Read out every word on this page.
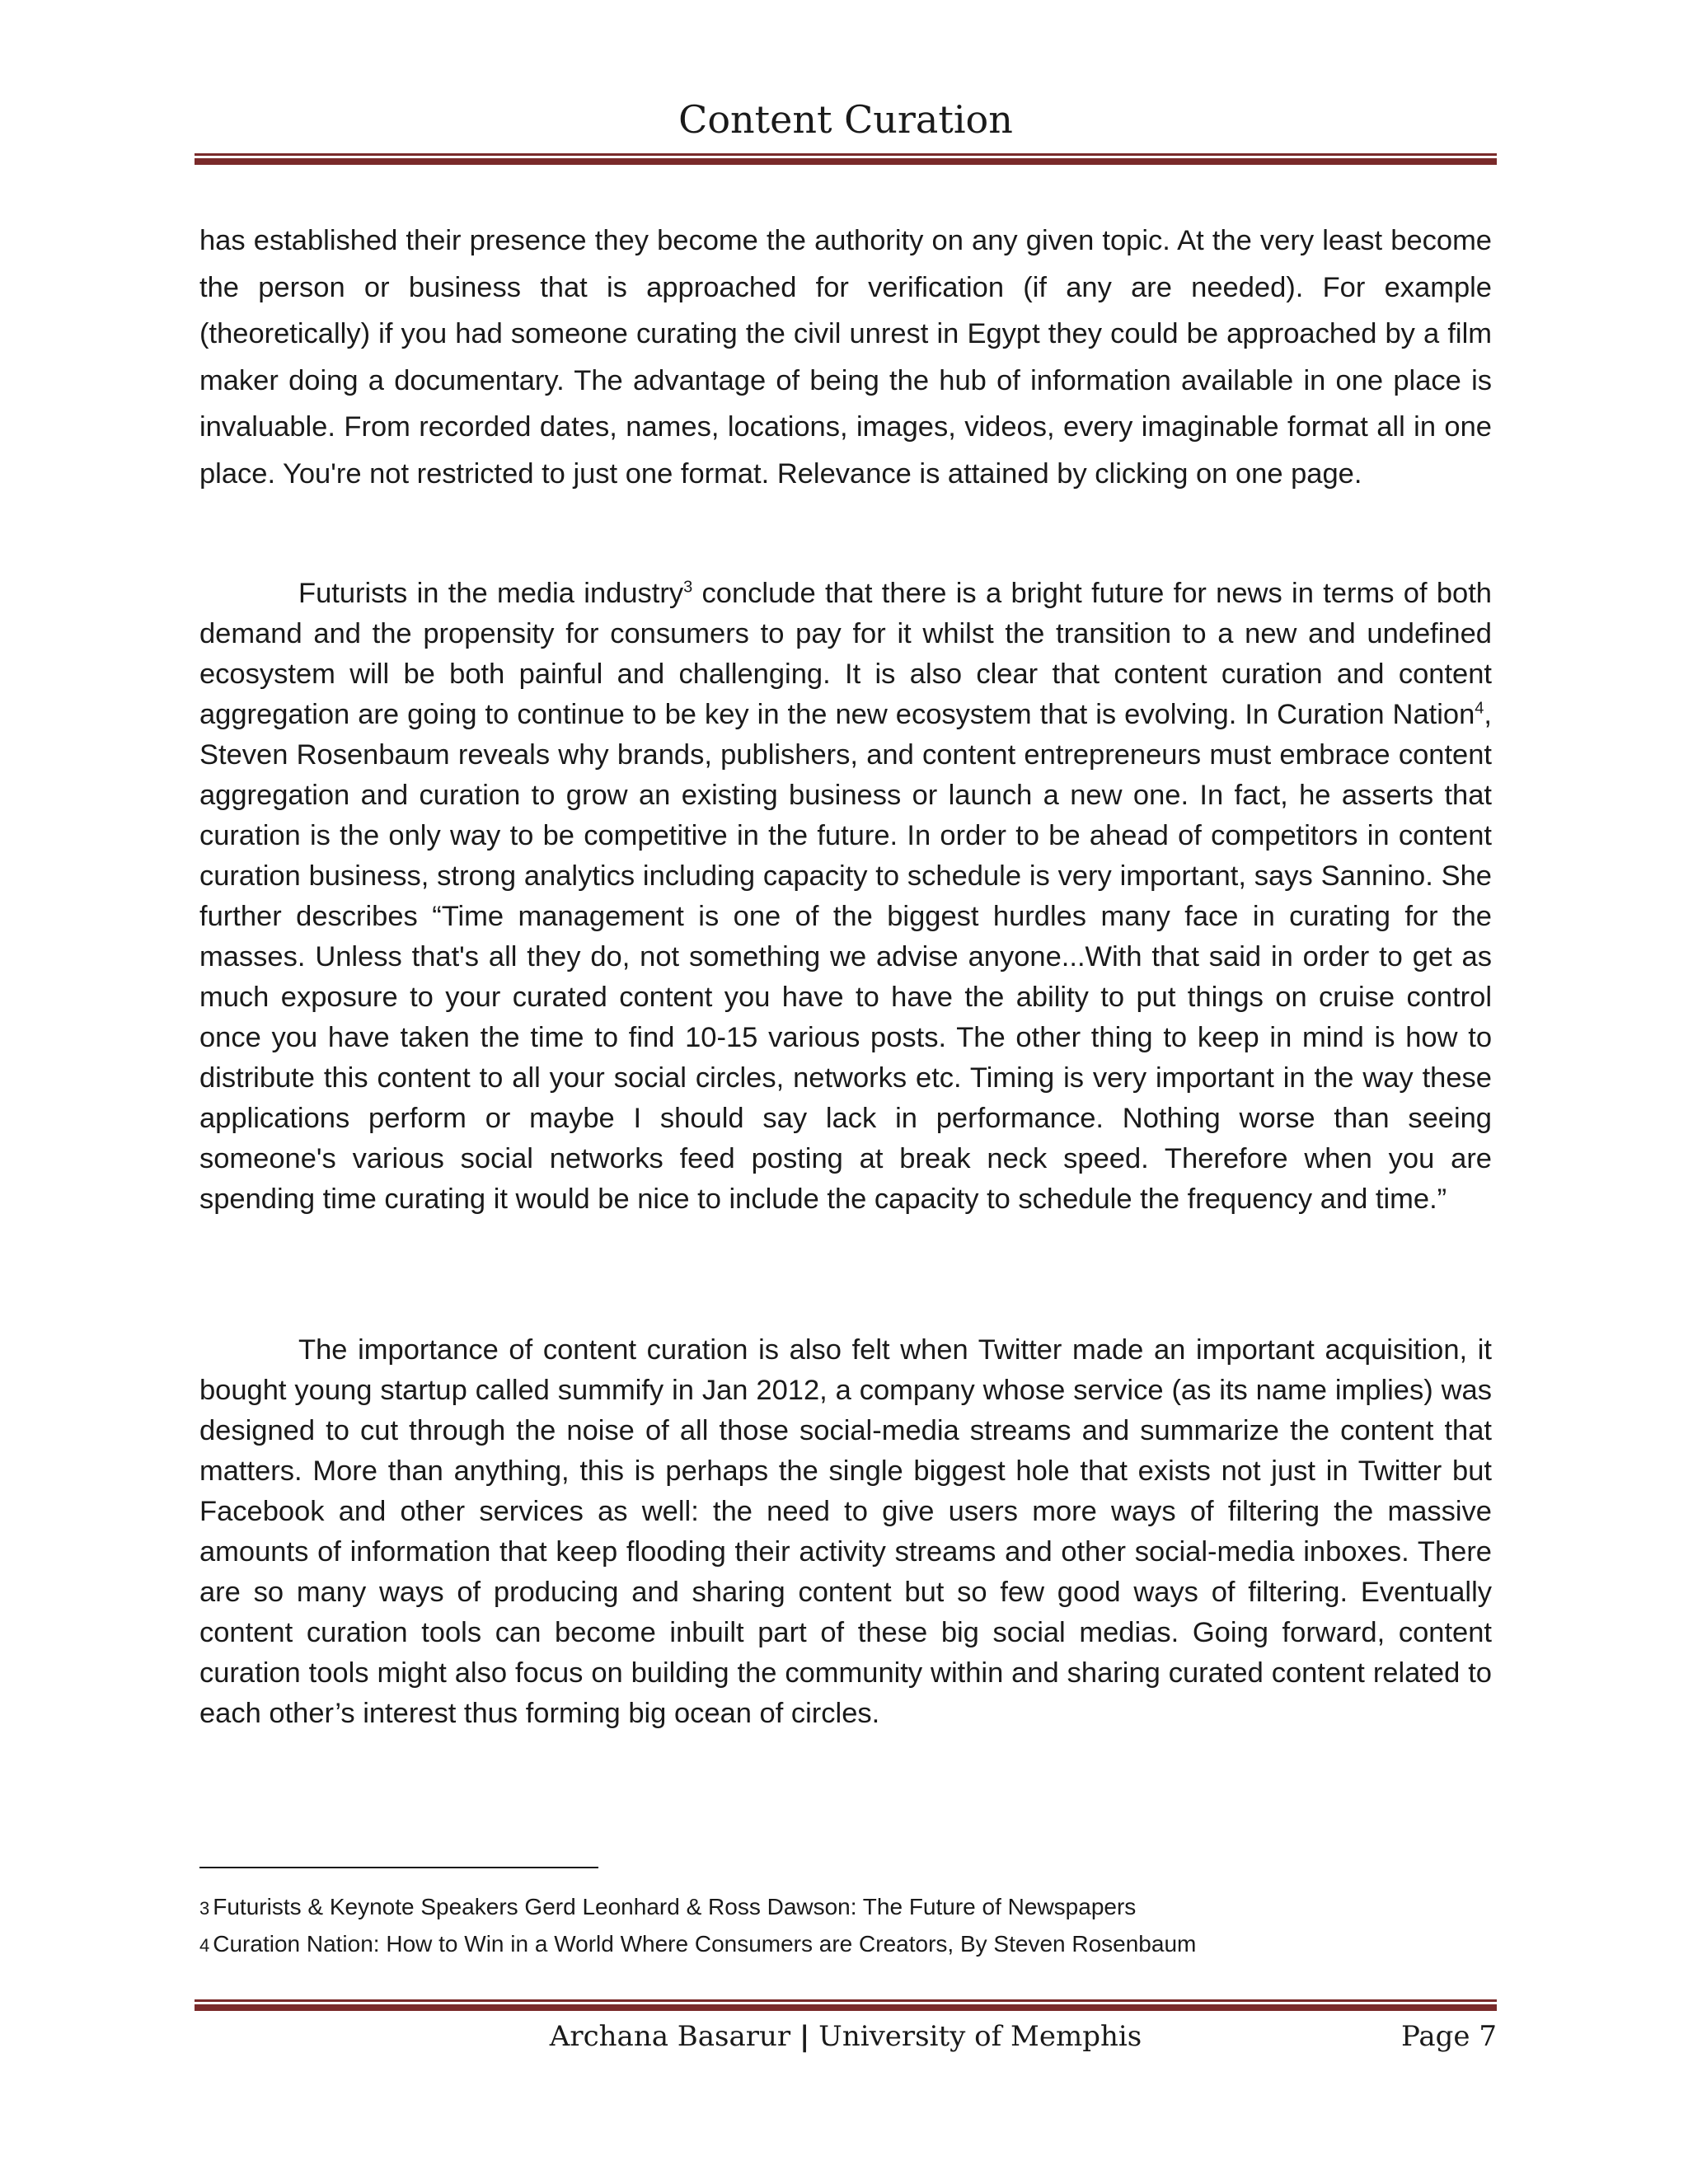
Content Curation

has established their presence they become the authority on any given topic. At the very least become the person or business that is approached for verification (if any are needed). For example (theoretically) if you had someone curating the civil unrest in Egypt they could be approached by a film maker doing a documentary. The advantage of being the hub of information available in one place is invaluable. From recorded dates, names, locations, images, videos, every imaginable format all in one place. You're not restricted to just one format. Relevance is attained by clicking on one page.

Futurists in the media industry$^3$ conclude that there is a bright future for news in terms of both demand and the propensity for consumers to pay for it whilst the transition to a new and undefined ecosystem will be both painful and challenging. It is also clear that content curation and content aggregation are going to continue to be key in the new ecosystem that is evolving. In Curation Nation$^4$, Steven Rosenbaum reveals why brands, publishers, and content entrepreneurs must embrace content aggregation and curation to grow an existing business or launch a new one. In fact, he asserts that curation is the only way to be competitive in the future. In order to be ahead of competitors in content curation business, strong analytics including capacity to schedule is very important, says Sannino. She further describes “Time management is one of the biggest hurdles many face in curating for the masses. Unless that's all they do, not something we advise anyone...With that said in order to get as much exposure to your curated content you have to have the ability to put things on cruise control once you have taken the time to find 10-15 various posts. The other thing to keep in mind is how to distribute this content to all your social circles, networks etc. Timing is very important in the way these applications perform or maybe I should say lack in performance. Nothing worse than seeing someone's various social networks feed posting at break neck speed. Therefore when you are spending time curating it would be nice to include the capacity to schedule the frequency and time.”

The importance of content curation is also felt when Twitter made an important acquisition, it bought young startup called summify in Jan 2012, a company whose service (as its name implies) was designed to cut through the noise of all those social-media streams and summarize the content that matters. More than anything, this is perhaps the single biggest hole that exists not just in Twitter but Facebook and other services as well: the need to give users more ways of filtering the massive amounts of information that keep flooding their activity streams and other social-media inboxes. There are so many ways of producing and sharing content but so few good ways of filtering. Eventually content curation tools can become inbuilt part of these big social medias. Going forward, content curation tools might also focus on building the community within and sharing curated content related to each other’s interest thus forming big ocean of circles.

3 Futurists & Keynote Speakers Gerd Leonhard & Ross Dawson: The Future of Newspapers
4 Curation Nation: How to Win in a World Where Consumers are Creators, By Steven Rosenbaum
Archana Basarur | University of Memphis	Page 7
